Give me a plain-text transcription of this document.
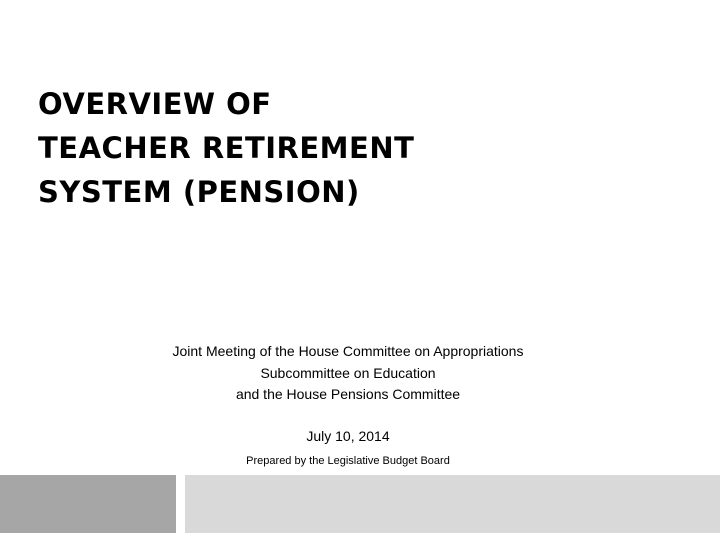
OVERVIEW OF
TEACHER RETIREMENT
SYSTEM (PENSION)
Joint Meeting of the House Committee on Appropriations
Subcommittee on Education
and the House Pensions Committee
July 10, 2014
Prepared by the Legislative Budget Board
